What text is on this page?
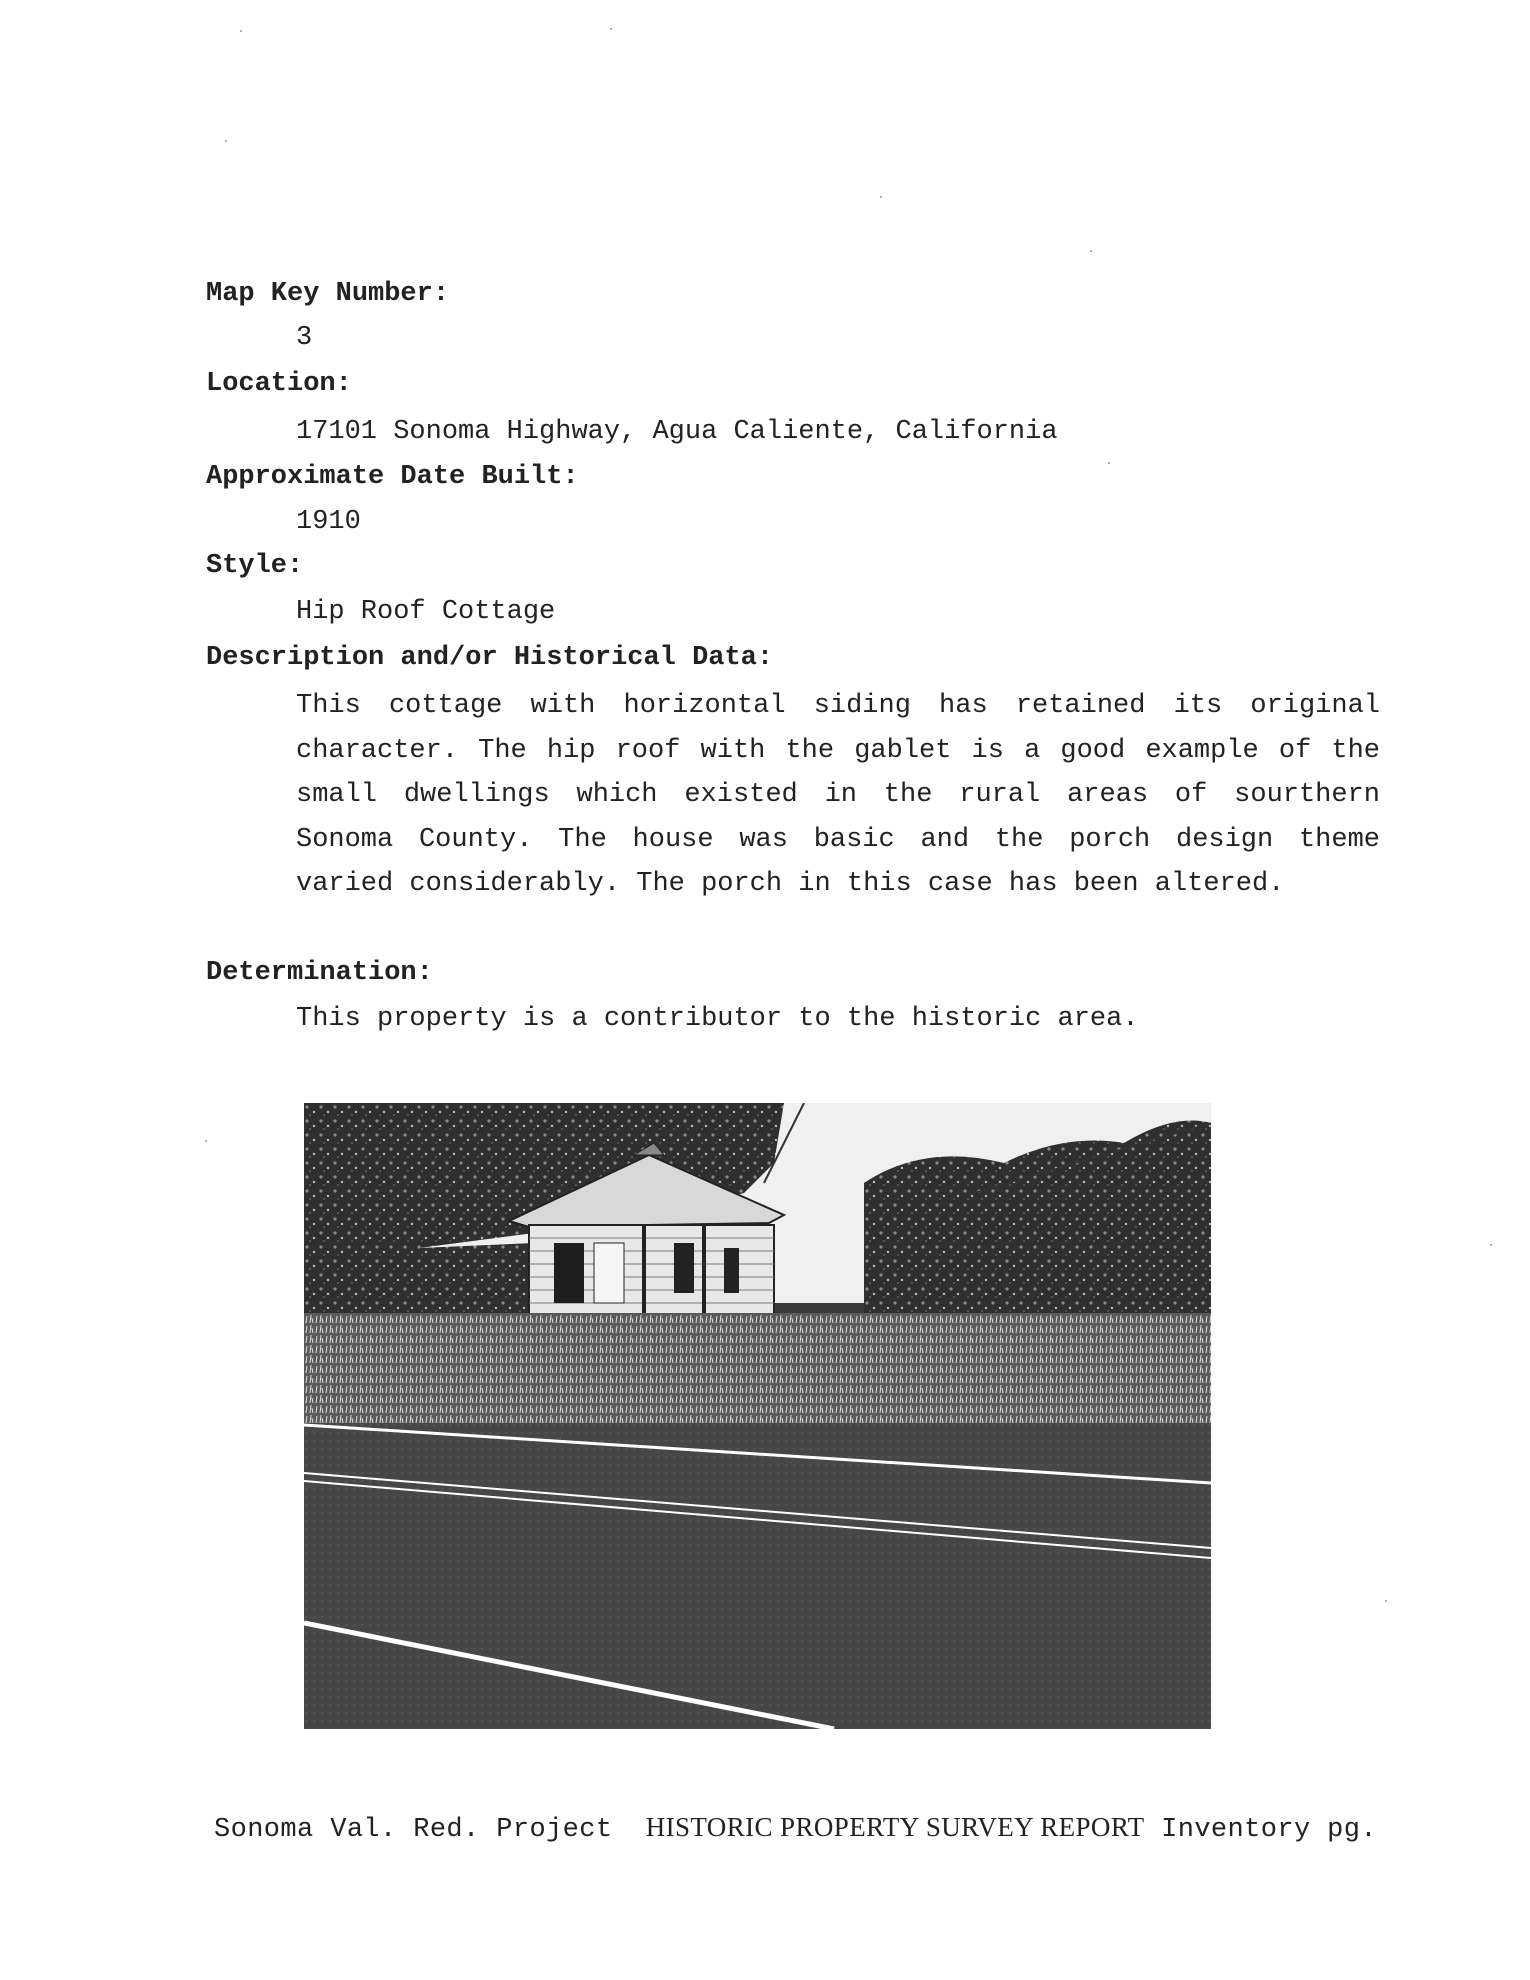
Map Key Number:
3
Location:
17101 Sonoma Highway, Agua Caliente, California
Approximate Date Built:
1910
Style:
Hip Roof Cottage
Description and/or Historical Data:
This cottage with horizontal siding has retained its original character. The hip roof with the gablet is a good example of the small dwellings which existed in the rural areas of sourthern Sonoma County. The house was basic and the porch design theme varied considerably. The porch in this case has been altered.
Determination:
This property is a contributor to the historic area.
Sonoma Val. Red. Project HISTORIC PROPERTY SURVEY REPORT Inventory pg.
